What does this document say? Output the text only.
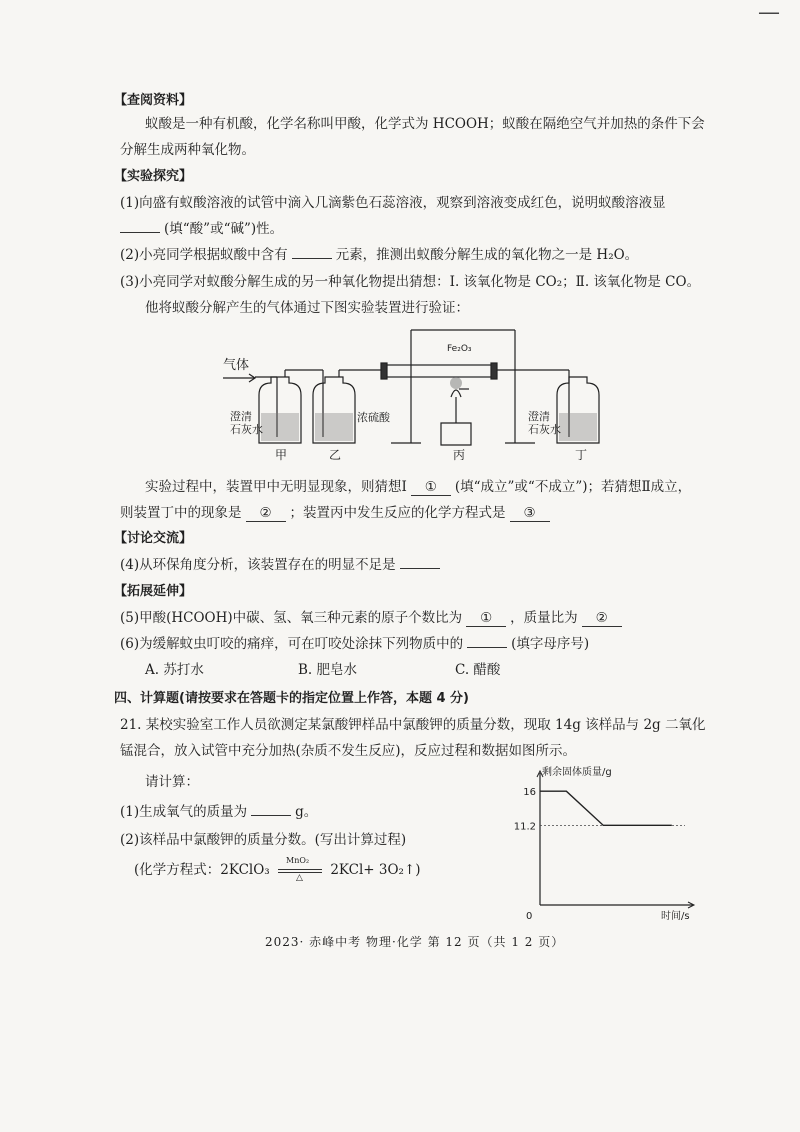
—
【查阅资料】
蚁酸是一种有机酸，化学名称叫甲酸，化学式为 HCOOH；蚁酸在隔绝空气并加热的条件下会
分解生成两种氧化物。
【实验探究】
(1)向盛有蚁酸溶液的试管中滴入几滴紫色石蕊溶液，观察到溶液变成红色，说明蚁酸溶液显
(填“酸”或“碱”)性。
(2)小亮同学根据蚁酸中含有	元素，推测出蚁酸分解生成的氧化物之一是 H₂O。
(3)小亮同学对蚁酸分解生成的另一种氧化物提出猜想：Ⅰ. 该氧化物是 CO₂；Ⅱ. 该氧化物是 CO。
他将蚁酸分解产生的气体通过下图实验装置进行验证：
气体
Fe₂O₃
浓硫酸
甲	乙	丙	丁
澄清
石灰水
澄清
石灰水
实验过程中，装置甲中无明显现象，则猜想Ⅰ ① (填“成立”或“不成立”)；若猜想Ⅱ成立，
则装置丁中的现象是 ② ；装置丙中发生反应的化学方程式是 ③
【讨论交流】
(4)从环保角度分析，该装置存在的明显不足是
【拓展延伸】
(5)甲酸(HCOOH)中碳、氢、氧三种元素的原子个数比为 ① ，质量比为 ②
(6)为缓解蚊虫叮咬的痛痒，可在叮咬处涂抹下列物质中的	(填字母序号)
A. 苏打水	B. 肥皂水	C. 醋酸
四、计算题(请按要求在答题卡的指定位置上作答，本题 4 分)
21. 某校实验室工作人员欲测定某氯酸钾样品中氯酸钾的质量分数，现取 14g 该样品与 2g 二氧化
锰混合，放入试管中充分加热(杂质不发生反应)，反应过程和数据如图所示。
请计算：
(1)生成氧气的质量为	g。
(2)该样品中氯酸钾的质量分数。(写出计算过程)
(化学方程式：2KClO₃
MnO₂
△ 2KCl+ 3O₂↑)
剩余固体质量/g
时间/s
0
16
11.2
2023· 赤峰中考 物理·化学 第 12 页（共 1 2 页）
